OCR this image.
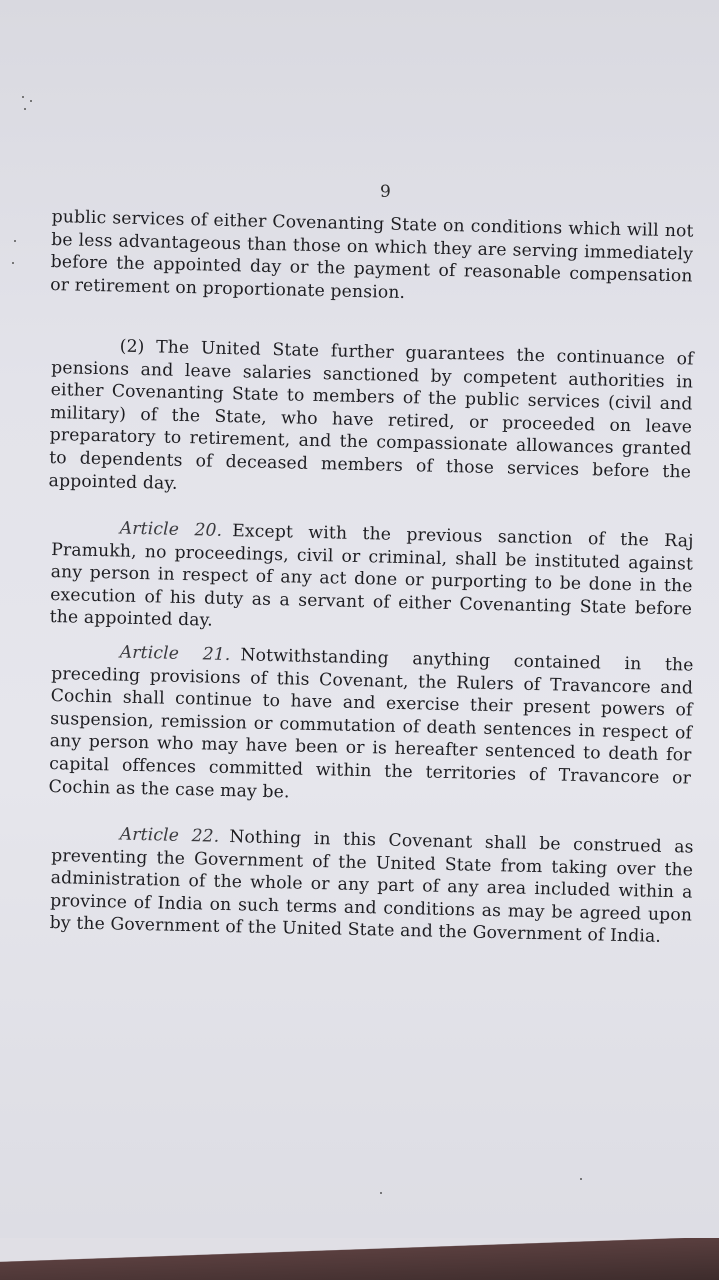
9

public services of either Covenanting State on conditions which will not be less advantageous than those on which they are serving immediately before the appointed day or the payment of reasonable compensation or retirement on proportionate pension.

(2) The United State further guarantees the continuance of pensions and leave salaries sanctioned by competent authorities in either Covenanting State to members of the public services (civil and military) of the State, who have retired, or proceeded on leave preparatory to retirement, and the compassionate allowances granted to dependents of deceased members of those services before the appointed day.

Article 20. Except with the previous sanction of the Raj Pramukh, no proceedings, civil or criminal, shall be instituted against any person in respect of any act done or purporting to be done in the execution of his duty as a servant of either Covenanting State before the appointed day.

Article 21. Notwithstanding anything contained in the preceding provisions of this Covenant, the Rulers of Travancore and Cochin shall continue to have and exercise their present powers of suspension, remission or commutation of death sentences in respect of any person who may have been or is hereafter sentenced to death for capital offences committed within the territories of Travancore or Cochin as the case may be.

Article 22. Nothing in this Covenant shall be construed as preventing the Government of the United State from taking over the administration of the whole or any part of any area included within a province of India on such terms and conditions as may be agreed upon by the Government of the United State and the Government of India.
